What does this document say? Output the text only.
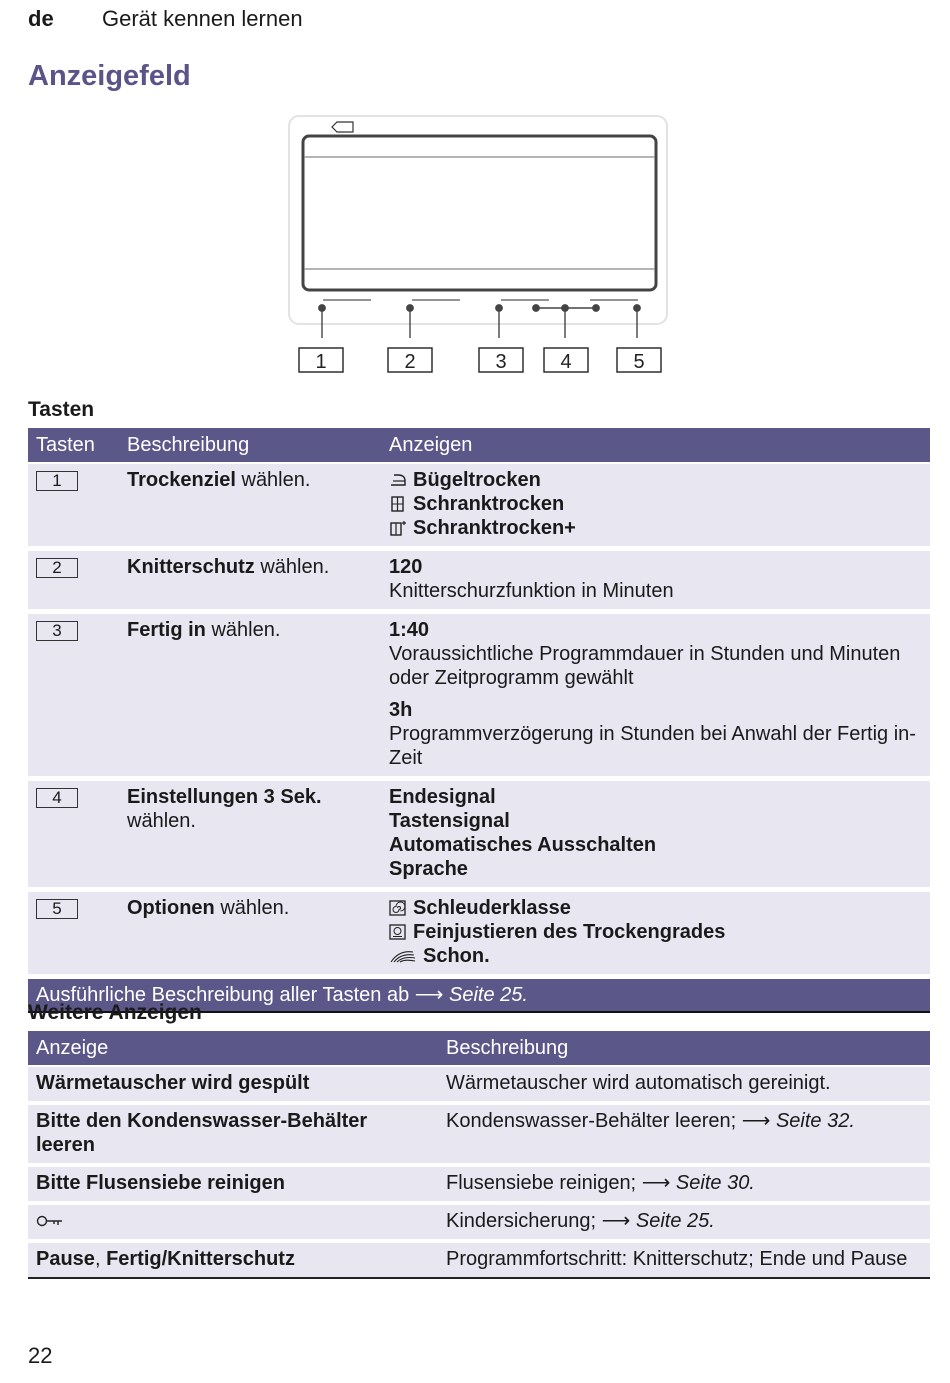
de Gerät kennen lernen
Anzeigefeld
1	2	3	4	5
Tasten
Tasten	Beschreibung	Anzeigen
1	Trockenziel wählen.	Bügeltrocken
Schranktrocken
Schranktrocken+

2	Knitterschutz wählen.	120
Knitterschurzfunktion in Minuten

3	Fertig in wählen.	1:40
Voraussichtliche Programmdauer in Stunden und Minuten oder Zeitprogramm gewählt
3h
Programmverzögerung in Stunden bei Anwahl der Fertig in-Zeit

4	Einstellungen 3 Sek. wählen.	Endesignal
Tastensignal
Automatisches Ausschalten
Sprache

5	Optionen wählen.	Schleuderklasse
Feinjustieren des Trockengrades
Schon.

Ausführliche Beschreibung aller Tasten ab ⟶ Seite 25.		
Weitere Anzeigen
Anzeige	Beschreibung
Wärmetauscher wird gespült	Wärmetauscher wird automatisch gereinigt.
Bitte den Kondenswasser-Behälter leeren	Kondenswasser-Behälter leeren; ⟶ Seite 32.
Bitte Flusensiebe reinigen	Flusensiebe reinigen; ⟶ Seite 30.
	Kindersicherung; ⟶ Seite 25.
Pause, Fertig/Knitterschutz	Programmfortschritt: Knitterschutz; Ende und Pause
22
